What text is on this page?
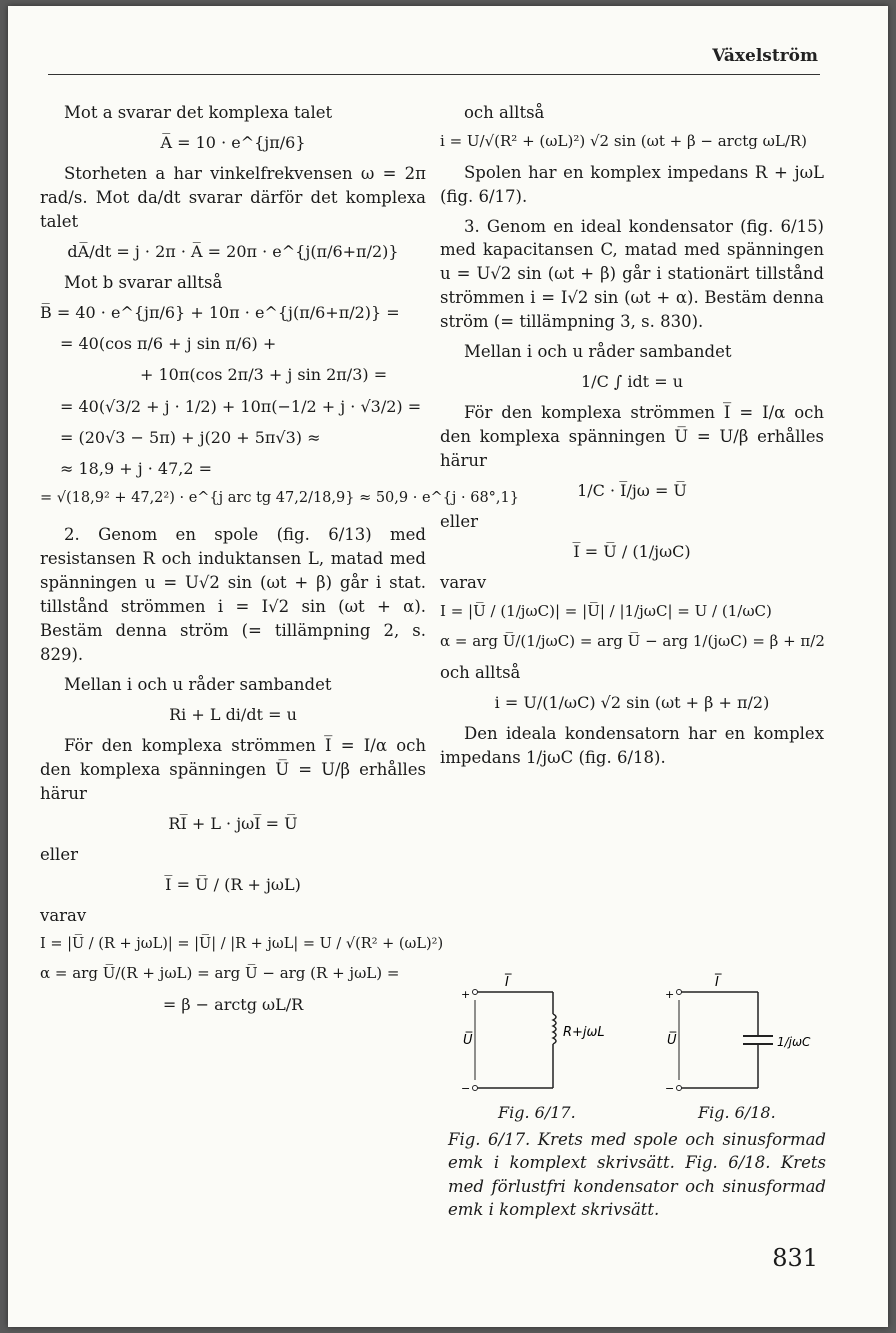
Växelström

Mot a svarar det komplexa talet

A̅ = 10 · e^{jπ/6}

Storheten a har vinkelfrekvensen ω = 2π rad/s. Mot da/dt svarar därför det komplexa talet

dA̅/dt = j · 2π · A̅ = 20π · e^{j(π/6+π/2)}

Mot b svarar alltså

B̅ = 40 · e^{jπ/6} + 10π · e^{j(π/6+π/2)} =
= 40(cos π/6 + j sin π/6) +
+ 10π(cos 2π/3 + j sin 2π/3) =
= 40(√3/2 + j · 1/2) + 10π(−1/2 + j · √3/2) =
= (20√3 − 5π) + j(20 + 5π√3) ≈
≈ 18,9 + j · 47,2 =
= √(18,9² + 47,2²) · e^{j arc tg 47,2/18,9} ≈ 50,9 · e^{j · 68°,1}

2. Genom en spole (fig. 6/13) med resistansen R och induktansen L, matad med spänningen u = U√2 sin (ωt + β) går i stat. tillstånd strömmen i = I√2 sin (ωt + α). Bestäm denna ström (= tillämpning 2, s. 829).

Mellan i och u råder sambandet

Ri + L di/dt = u

För den komplexa strömmen I̅ = I/α och den komplexa spänningen U̅ = U/β erhålles härur

RI̅ + L · jωI̅ = U̅
eller
I̅ = U̅ / (R + jωL)
varav
I = |U̅ / (R + jωL)| = |U̅| / |R + jωL| = U / √(R² + (ωL)²)
α = arg U̅/(R + jωL) = arg U̅ − arg (R + jωL) =
= β − arctg ωL/R

och alltså

i = U/√(R² + (ωL)²) √2 sin (ωt + β − arctg ωL/R)

Spolen har en komplex impedans R + jωL (fig. 6/17).

3. Genom en ideal kondensator (fig. 6/15) med kapacitansen C, matad med spänningen u = U√2 sin (ωt + β) går i stationärt tillstånd strömmen i = I√2 sin (ωt + α). Bestäm denna ström (= tillämpning 3, s. 830).

Mellan i och u råder sambandet

1/C ∫ idt = u

För den komplexa strömmen I̅ = I/α och den komplexa spänningen U̅ = U/β erhålles härur

1/C · I̅/jω = U̅
eller
I̅ = U̅ / (1/jωC)
varav
I = |U̅ / (1/jωC)| = |U̅| / |1/jωC| = U / (1/ωC)
α = arg U̅/(1/jωC) = arg U̅ − arg 1/(jωC) = β + π/2
och alltså
i = U/(1/ωC) √2 sin (ωt + β + π/2)

Den ideala kondensatorn har en komplex impedans 1/jωC (fig. 6/18).

+
−
I̅
U̅
R+jωL
+
−
I̅
U̅	1/jωC
Fig. 6/17.	Fig. 6/18.
Fig. 6/17. Krets med spole och sinusformad emk i komplext skrivsätt. Fig. 6/18. Krets med förlustfri kondensator och sinusformad emk i komplext skrivsätt.
831
